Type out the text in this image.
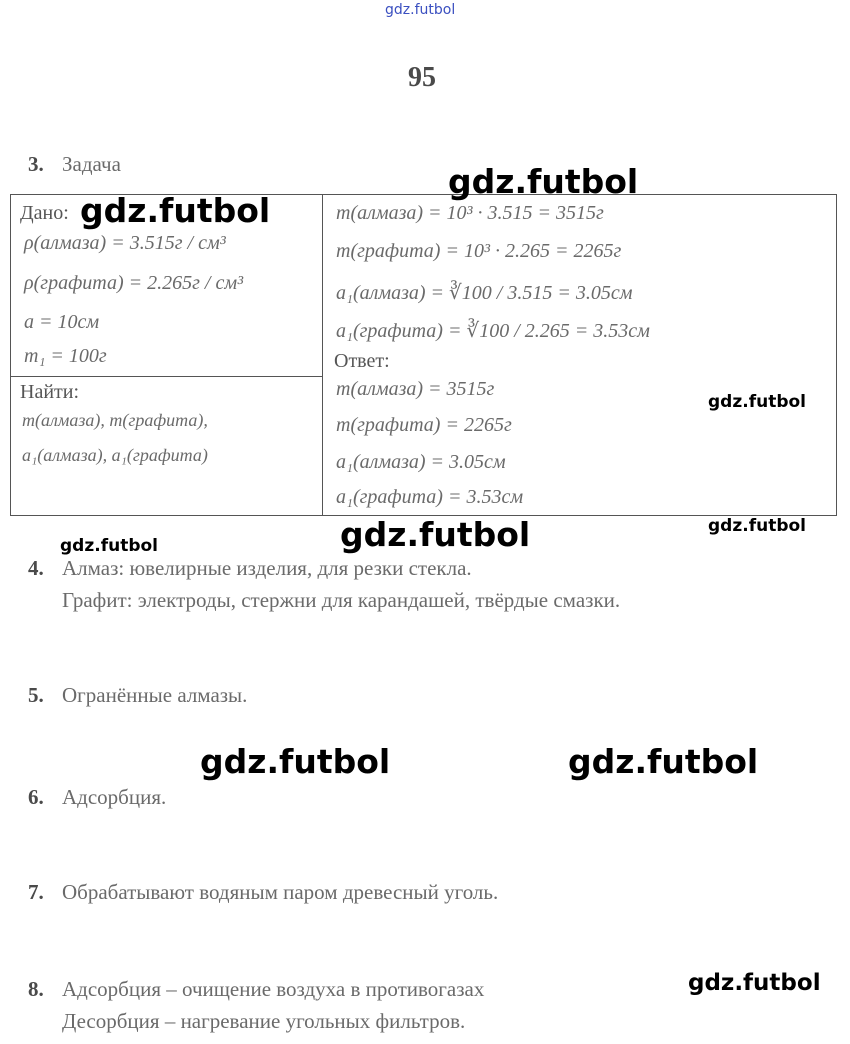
gdz.futbol
95
3. Задача
Дано:
ρ(алмаза) = 3.515г / см³
ρ(графита) = 2.265г / см³
a = 10см
m₁ = 100г
Найти:
m(алмаза), m(графита),
a₁(алмаза), a₁(графита)
m(алмаза) = 10³ · 3.515 = 3515г
m(графита) = 10³ · 2.265 = 2265г
a₁(алмаза) = ∛100 / 3.515 = 3.05см
a₁(графита) = ∛100 / 2.265 = 3.53см
Ответ:
m(алмаза) = 3515г
m(графита) = 2265г
a₁(алмаза) = 3.05см
a₁(графита) = 3.53см
4. Алмаз: ювелирные изделия, для резки стекла.
Графит: электроды, стержни для карандашей, твёрдые смазки.
5. Огранённые алмазы.
6. Адсорбция.
7. Обрабатывают водяным паром древесный уголь.
8. Адсорбция – очищение воздуха в противогазах
Десорбция – нагревание угольных фильтров.
gdz.futbol
gdz.futbol
gdz.futbol
gdz.futbol	gdz.futbol
gdz.futbol
gdz.futbol	gdz.futbol
gdz.futbol
